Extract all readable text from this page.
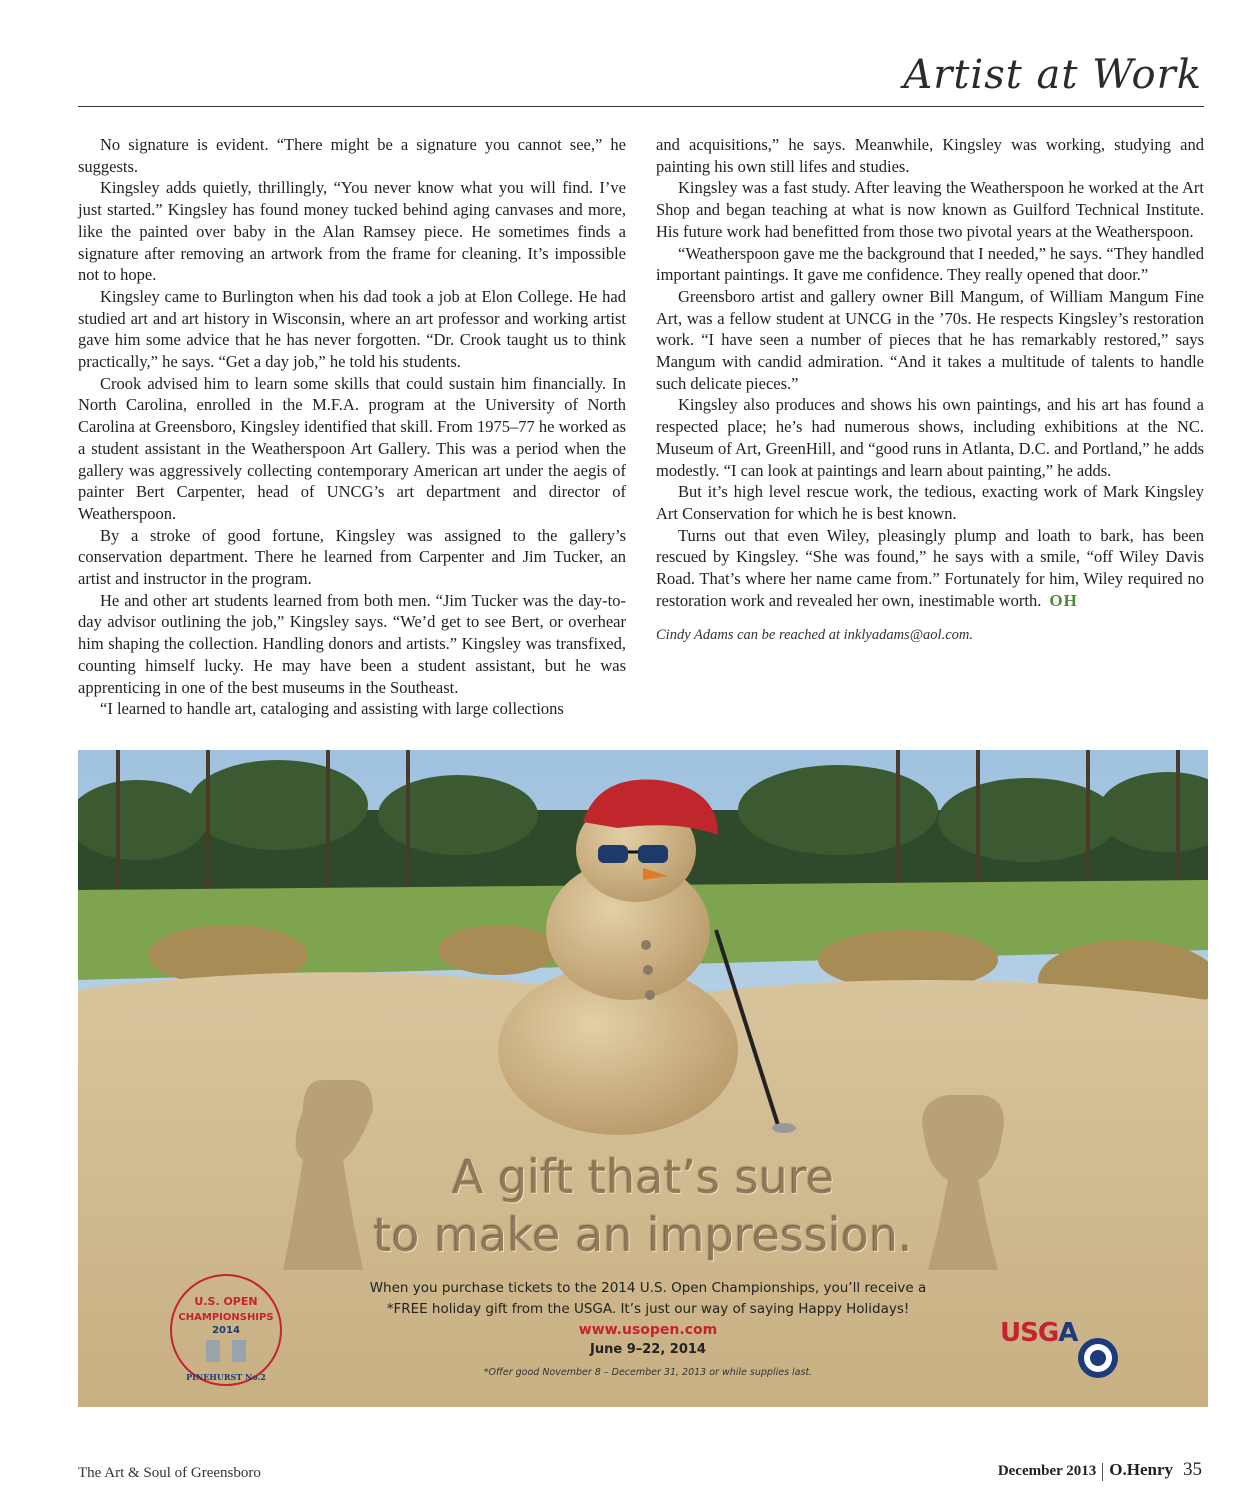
Artist at Work

No signature is evident. “There might be a signature you cannot see,” he suggests.

Kingsley adds quietly, thrillingly, “You never know what you will find. I’ve just started.” Kingsley has found money tucked behind aging canvases and more, like the painted over baby in the Alan Ramsey piece. He sometimes finds a signature after removing an artwork from the frame for cleaning. It’s impossible not to hope.

Kingsley came to Burlington when his dad took a job at Elon College. He had studied art and art history in Wisconsin, where an art professor and working artist gave him some advice that he has never forgotten. “Dr. Crook taught us to think practically,” he says. “Get a day job,” he told his students.

Crook advised him to learn some skills that could sustain him financially. In North Carolina, enrolled in the M.F.A. program at the University of North Carolina at Greensboro, Kingsley identified that skill. From 1975–77 he worked as a student assistant in the Weatherspoon Art Gallery. This was a period when the gallery was aggressively collecting contemporary American art under the aegis of painter Bert Carpenter, head of UNCG’s art department and director of Weatherspoon.

By a stroke of good fortune, Kingsley was assigned to the gallery’s conservation department. There he learned from Carpenter and Jim Tucker, an artist and instructor in the program.

He and other art students learned from both men. “Jim Tucker was the day-to-day advisor outlining the job,” Kingsley says. “We’d get to see Bert, or overhear him shaping the collection. Handling donors and artists.” Kingsley was transfixed, counting himself lucky. He may have been a student assistant, but he was apprenticing in one of the best museums in the Southeast.

“I learned to handle art, cataloging and assisting with large collections

and acquisitions,” he says. Meanwhile, Kingsley was working, studying and painting his own still lifes and studies.

Kingsley was a fast study. After leaving the Weatherspoon he worked at the Art Shop and began teaching at what is now known as Guilford Technical Institute. His future work had benefitted from those two pivotal years at the Weatherspoon.

“Weatherspoon gave me the background that I needed,” he says. “They handled important paintings. It gave me confidence. They really opened that door.”

Greensboro artist and gallery owner Bill Mangum, of William Mangum Fine Art, was a fellow student at UNCG in the ’70s. He respects Kingsley’s restoration work. “I have seen a number of pieces that he has remarkably restored,” says Mangum with candid admiration. “And it takes a multitude of talents to handle such delicate pieces.”

Kingsley also produces and shows his own paintings, and his art has found a respected place; he’s had numerous shows, including exhibitions at the NC. Museum of Art, GreenHill, and “good runs in Atlanta, D.C. and Portland,” he adds modestly. “I can look at paintings and learn about painting,” he adds.

But it’s high level rescue work, the tedious, exacting work of Mark Kingsley Art Conservation for which he is best known.

Turns out that even Wiley, pleasingly plump and loath to bark, has been rescued by Kingsley. “She was found,” he says with a smile, “off Wiley Davis Road. That’s where her name came from.” Fortunately for him, Wiley required no restoration work and revealed her own, inestimable worth. OH

Cindy Adams can be reached at inklyadams@aol.com.

U.S. OPEN
CHAMPIONSHIPS
2014
PINEHURST No.2
A gift that’s sure
to make an impression.
When you purchase tickets to the 2014 U.S. Open Championships, you’ll receive a
*FREE holiday gift from the USGA. It’s just our way of saying Happy Holidays!
www.usopen.com
June 9–22, 2014
*Offer good November 8 – December 31, 2013 or while supplies last.
USGA
The Art & Soul of Greensboro	December 2013 O.Henry 35
